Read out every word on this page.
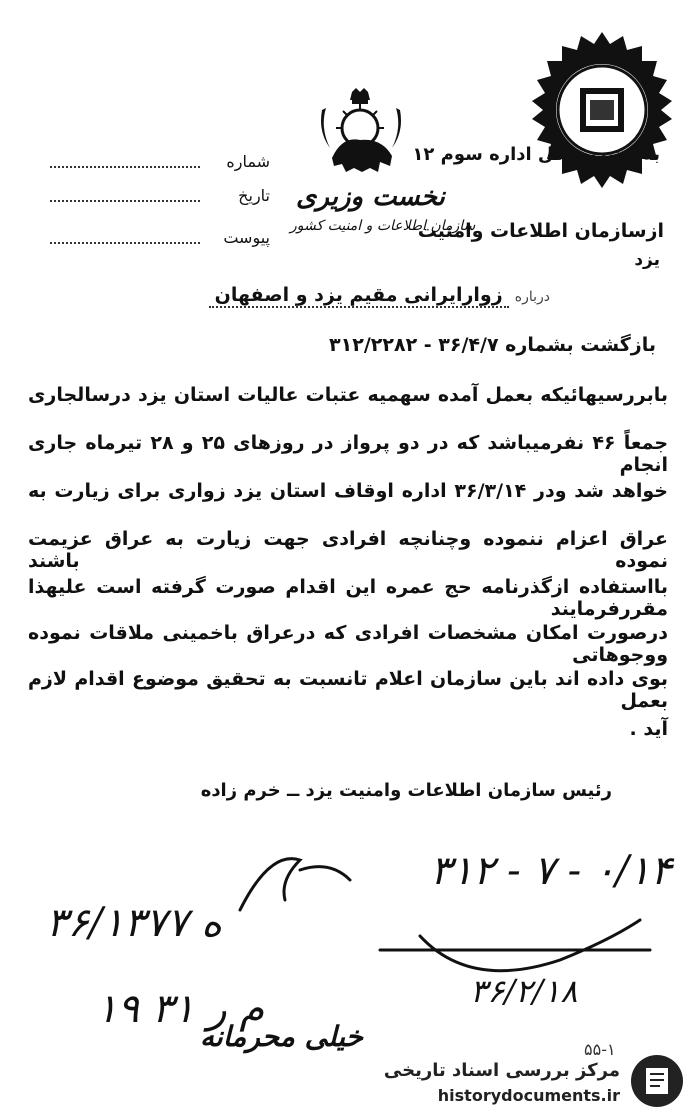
شماره
تاریخ
پیوست
نخست وزیری
سازمان اطلاعات و امنیت کشور
به مدیریت کل اداره سوم ۱۲
ازسازمان اطلاعات وامنیت
یزد
درباره زوارایرانی مقیم یزد و اصفهان
بازگشت بشماره ۳۶/۴/۷ - ۳۱۲/۲۲۸۲
بابررسیهائیکه بعمل آمده سهمیه عتبات عالیات استان یزد درسالجاری
جمعاً ۴۶ نفرمیباشد که در دو پرواز در روزهای ۲۵ و ۲۸ تیرماه جاری انجام
خواهد شد ودر ۳۶/۳/۱۴ اداره اوقاف استان یزد زواری برای زیارت به
عراق اعزام ننموده وچنانچه افرادی جهت زیارت به عراق عزیمت نموده باشند
بااستفاده ازگذرنامه حج عمره این اقدام صورت گرفته است علیهذا مقررفرمایند
درصورت امکان مشخصات افرادی که درعراق باخمینی ملاقات نموده ووجوهاتی
بوی داده اند باین سازمان اعلام تانسبت به تحقیق موضوع اقدام لازم بعمل
آید .
رئیس سازمان اطلاعات وامنیت یزد ــ خرم زاده
۳۱۲ - ۷ - ۰/۱۴
۳۶/۱۳۷۷ ه
۳۶/۲/۱۸
۱۹ م ر ۳۱
خیلی محرمانه	۵۵-۱
مرکز بررسی اسناد تاریخی
historydocuments.ir
